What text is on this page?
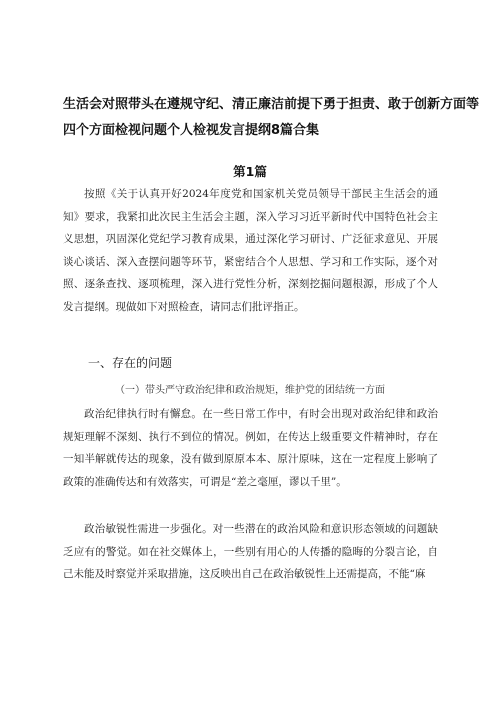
生活会对照带头在遵规守纪、清正廉洁前提下勇于担责、敢于创新方面等
四个方面检视问题个人检视发言提纲8篇合集
第1篇

按照《关于认真开好2024年度党和国家机关党员领导干部民主生活会的通知》要求，我紧扣此次民主生活会主题，深入学习习近平新时代中国特色社会主义思想，巩固深化党纪学习教育成果，通过深化学习研讨、广泛征求意见、开展谈心谈话、深入查摆问题等环节，紧密结合个人思想、学习和工作实际，逐个对照、逐条查找、逐项梳理，深入进行党性分析，深刻挖掘问题根源，形成了个人发言提纲。现做如下对照检查，请同志们批评指正。

一、存在的问题
（一）带头严守政治纪律和政治规矩，维护党的团结统一方面

政治纪律执行时有懈怠。在一些日常工作中，有时会出现对政治纪律和政治规矩理解不深刻、执行不到位的情况。例如，在传达上级重要文件精神时，存在一知半解就传达的现象，没有做到原原本本、原汁原味，这在一定程度上影响了政策的准确传达和有效落实，可谓是“差之毫厘，谬以千里”。

政治敏锐性需进一步强化。对一些潜在的政治风险和意识形态领域的问题缺乏应有的警觉。如在社交媒体上，一些别有用心的人传播的隐晦的分裂言论，自己未能及时察觉并采取措施，这反映出自己在政治敏锐性上还需提高，不能“麻
